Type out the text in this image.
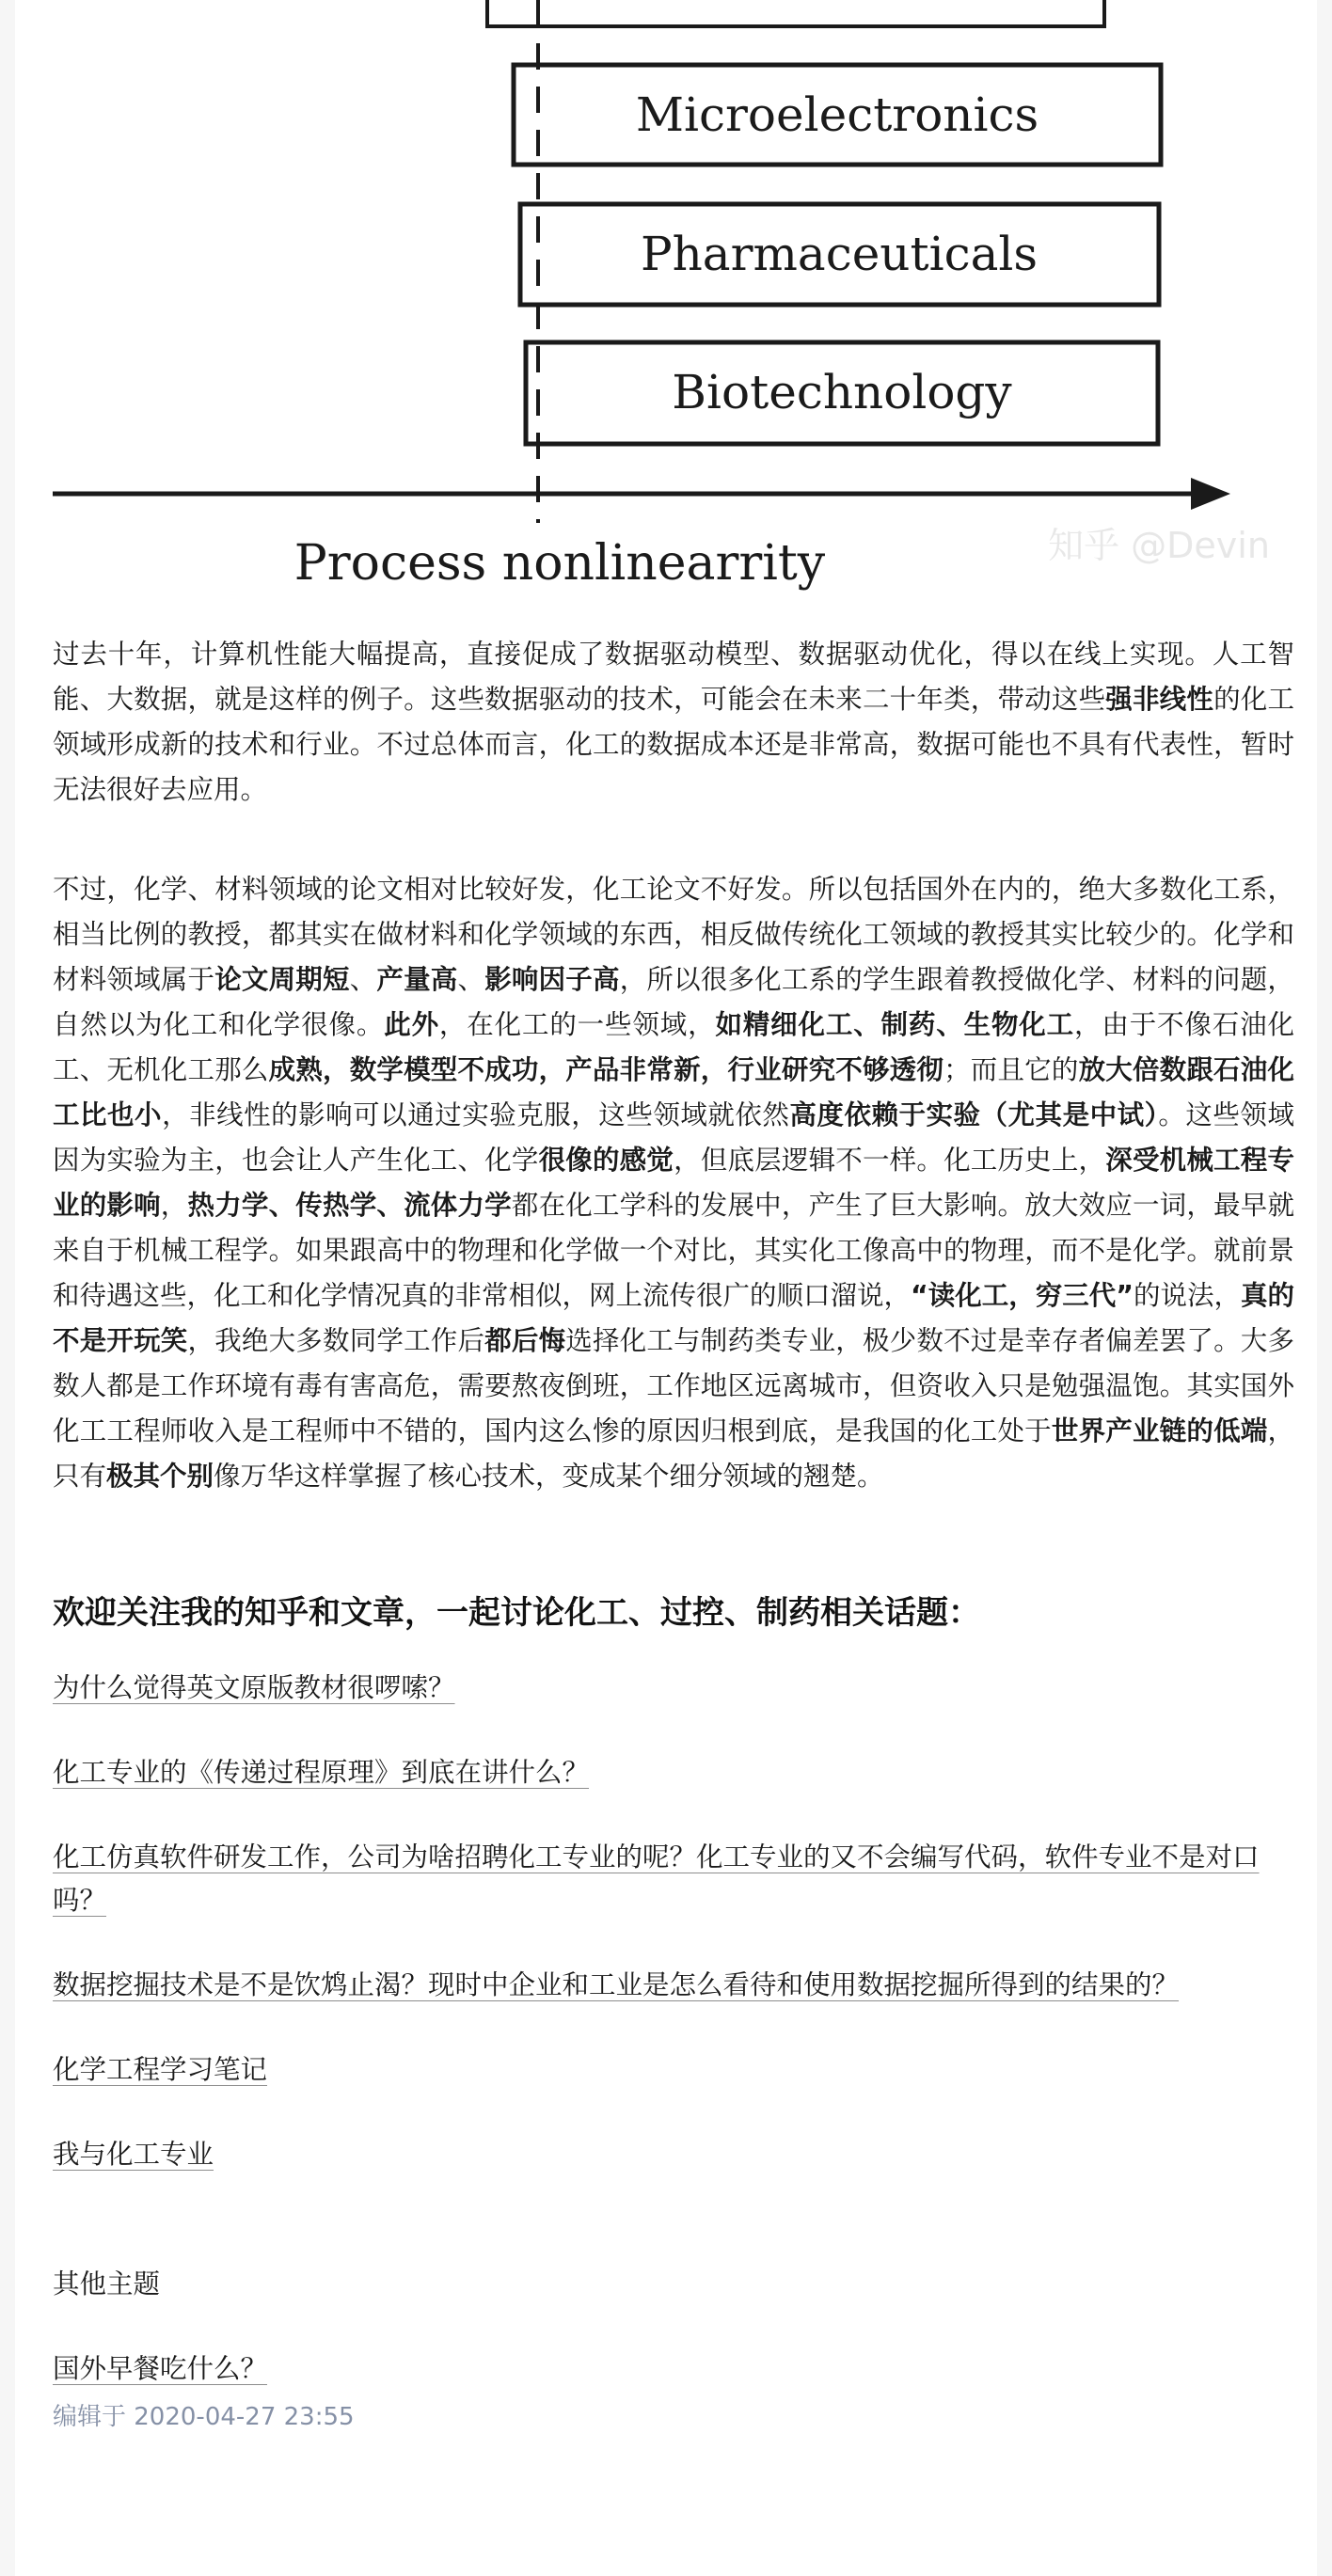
Microelectronics
Pharmaceuticals
Biotechnology
Process nonlinearrity	知乎 @Devin

过去十年，计算机性能大幅提高，直接促成了数据驱动模型、数据驱动优化，得以在线上实现。人工智能、大数据，就是这样的例子。这些数据驱动的技术，可能会在未来二十年类，带动这些强非线性的化工领域形成新的技术和行业。不过总体而言，化工的数据成本还是非常高，数据可能也不具有代表性，暂时无法很好去应用。

不过，化学、材料领域的论文相对比较好发，化工论文不好发。所以包括国外在内的，绝大多数化工系，相当比例的教授，都其实在做材料和化学领域的东西，相反做传统化工领域的教授其实比较少的。化学和材料领域属于论文周期短、产量高、影响因子高，所以很多化工系的学生跟着教授做化学、材料的问题，自然以为化工和化学很像。此外，在化工的一些领域，如精细化工、制药、生物化工，由于不像石油化工、无机化工那么成熟，数学模型不成功，产品非常新，行业研究不够透彻；而且它的放大倍数跟石油化工比也小，非线性的影响可以通过实验克服，这些领域就依然高度依赖于实验（尤其是中试）。这些领域因为实验为主，也会让人产生化工、化学很像的感觉，但底层逻辑不一样。化工历史上，深受机械工程专业的影响，热力学、传热学、流体力学都在化工学科的发展中，产生了巨大影响。放大效应一词，最早就来自于机械工程学。如果跟高中的物理和化学做一个对比，其实化工像高中的物理，而不是化学。就前景和待遇这些，化工和化学情况真的非常相似，网上流传很广的顺口溜说，“读化工，穷三代”的说法，真的不是开玩笑，我绝大多数同学工作后都后悔选择化工与制药类专业，极少数不过是幸存者偏差罢了。大多数人都是工作环境有毒有害高危，需要熬夜倒班，工作地区远离城市，但资收入只是勉强温饱。其实国外化工工程师收入是工程师中不错的，国内这么惨的原因归根到底，是我国的化工处于世界产业链的低端，只有极其个别像万华这样掌握了核心技术，变成某个细分领域的翘楚。

欢迎关注我的知乎和文章，一起讨论化工、过控、制药相关话题：
为什么觉得英文原版教材很啰嗦？
化工专业的《传递过程原理》到底在讲什么？
化工仿真软件研发工作，公司为啥招聘化工专业的呢？化工专业的又不会编写代码，软件专业不是对口吗？
数据挖掘技术是不是饮鸩止渴？现时中企业和工业是怎么看待和使用数据挖掘所得到的结果的？
化学工程学习笔记
我与化工专业
其他主题
国外早餐吃什么？
编辑于 2020-04-27 23:55
